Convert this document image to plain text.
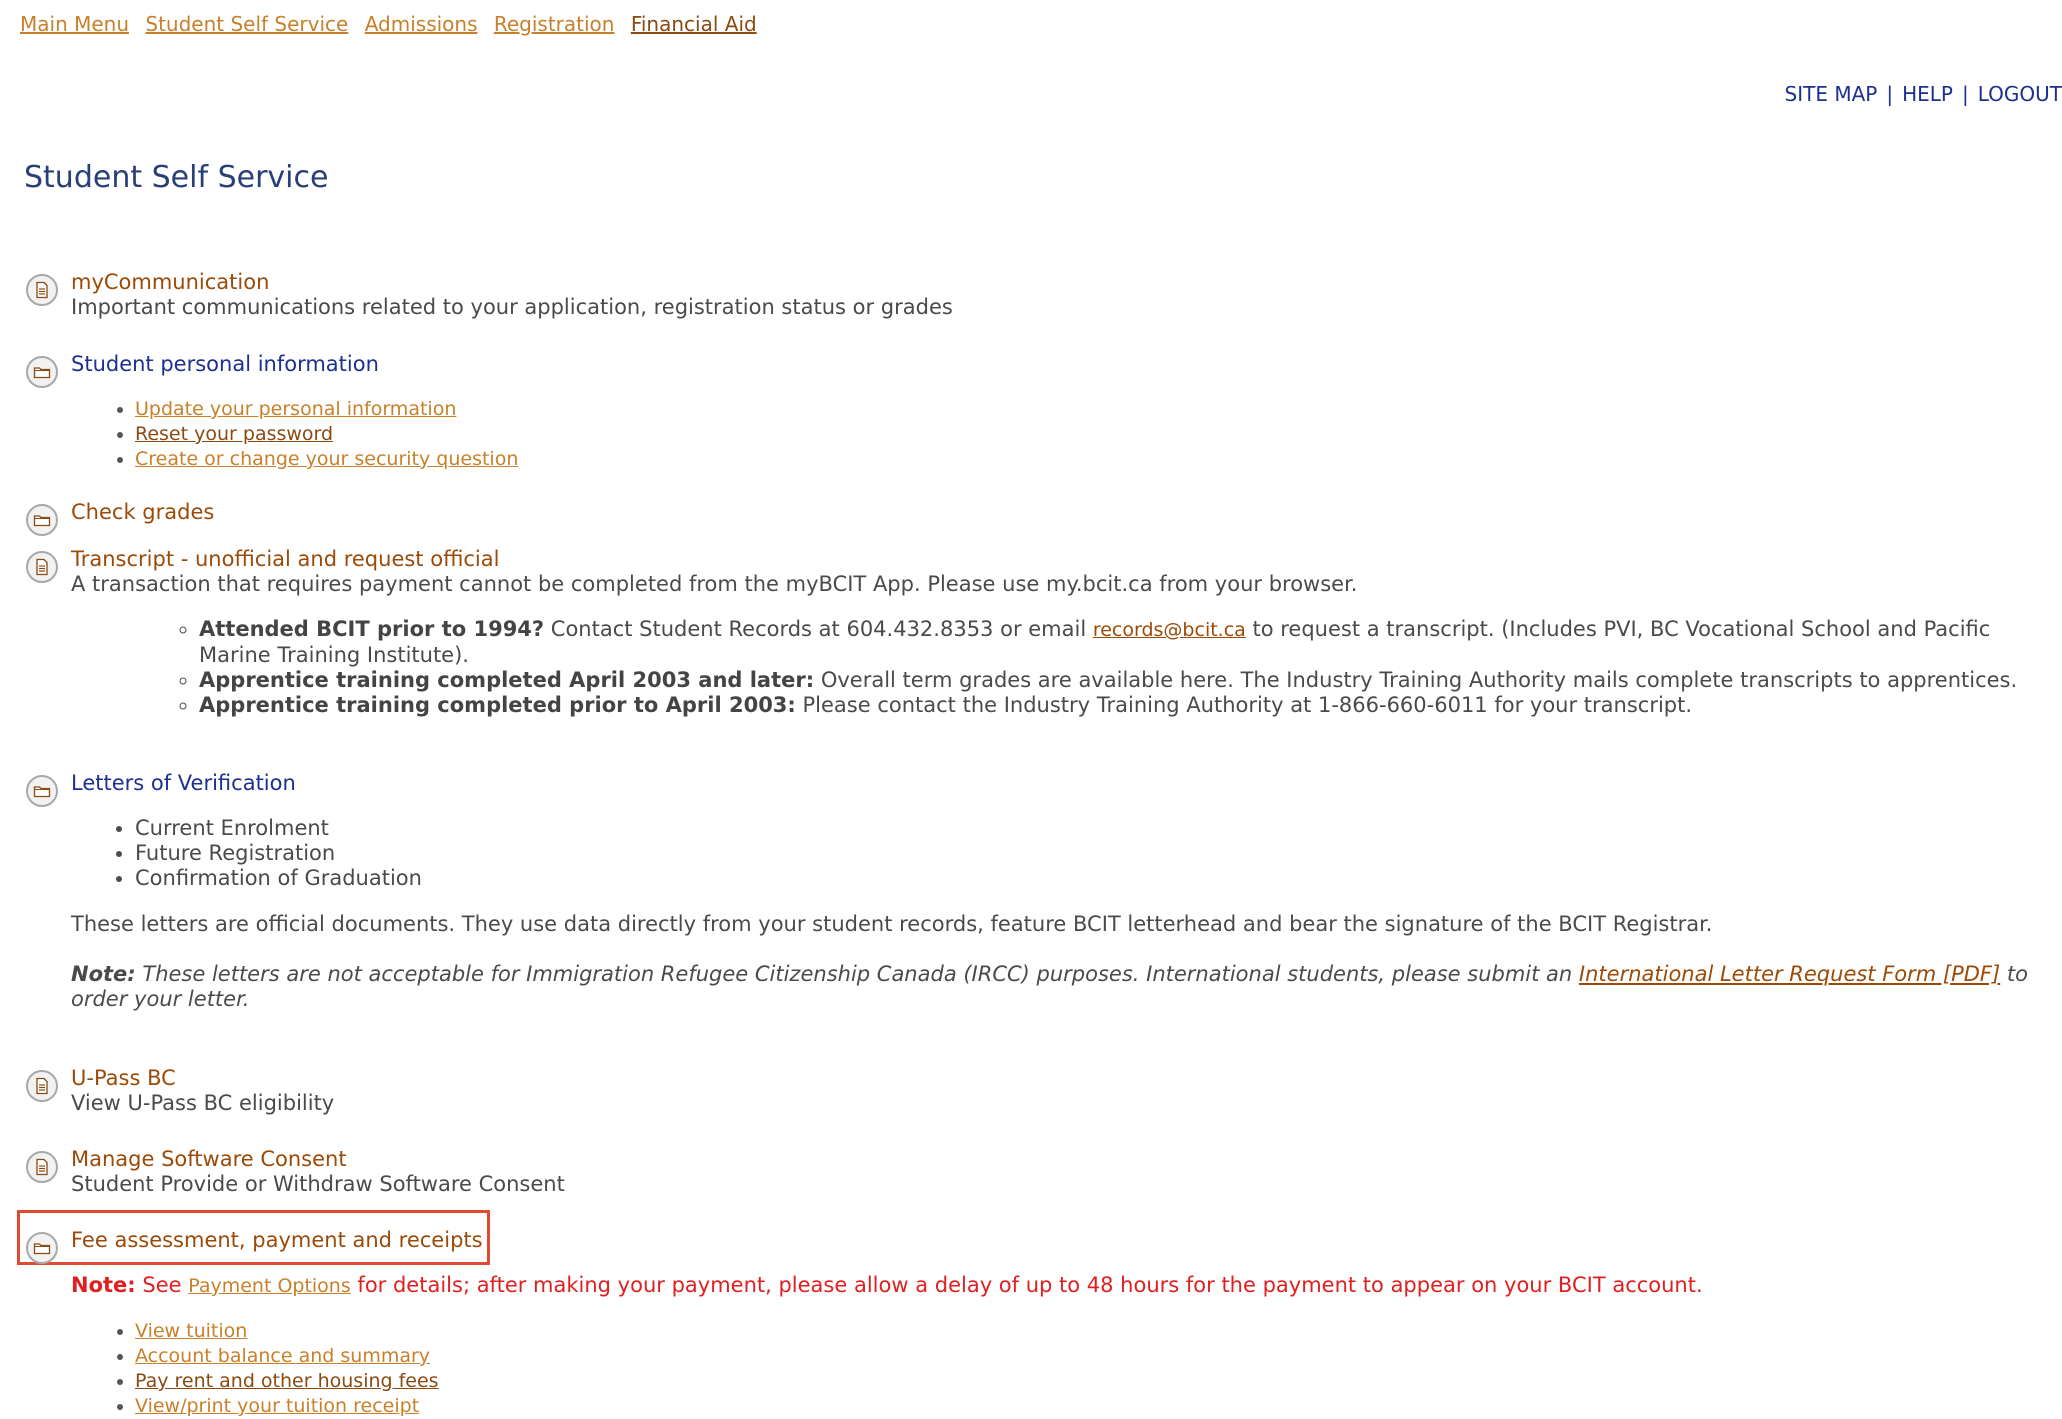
Main Menu Student Self Service Admissions Registration Financial Aid
SITE MAP | HELP | LOGOUT
Student Self Service
myCommunication
Important communications related to your application, registration status or grades
Student personal information
• Update your personal information
• Reset your password
• Create or change your security question
Check grades
Transcript - unofficial and request official
A transaction that requires payment cannot be completed from the myBCIT App. Please use my.bcit.ca from your browser.
◦ Attended BCIT prior to 1994? Contact Student Records at 604.432.8353 or email records@bcit.ca to request a transcript. (Includes PVI, BC Vocational School and Pacific Marine Training Institute).
◦ Apprentice training completed April 2003 and later: Overall term grades are available here. The Industry Training Authority mails complete transcripts to apprentices.
◦ Apprentice training completed prior to April 2003: Please contact the Industry Training Authority at 1-866-660-6011 for your transcript.
Letters of Verification
• Current Enrolment
• Future Registration
• Confirmation of Graduation

These letters are official documents. They use data directly from your student records, feature BCIT letterhead and bear the signature of the BCIT Registrar.

Note: These letters are not acceptable for Immigration Refugee Citizenship Canada (IRCC) purposes. International students, please submit an International Letter Request Form [PDF] to order your letter.

U-Pass BC
View U-Pass BC eligibility
Manage Software Consent
Student Provide or Withdraw Software Consent
Fee assessment, payment and receipts

Note: See Payment Options for details; after making your payment, please allow a delay of up to 48 hours for the payment to appear on your BCIT account.

• View tuition
• Account balance and summary
• Pay rent and other housing fees
• View/print your tuition receipt
